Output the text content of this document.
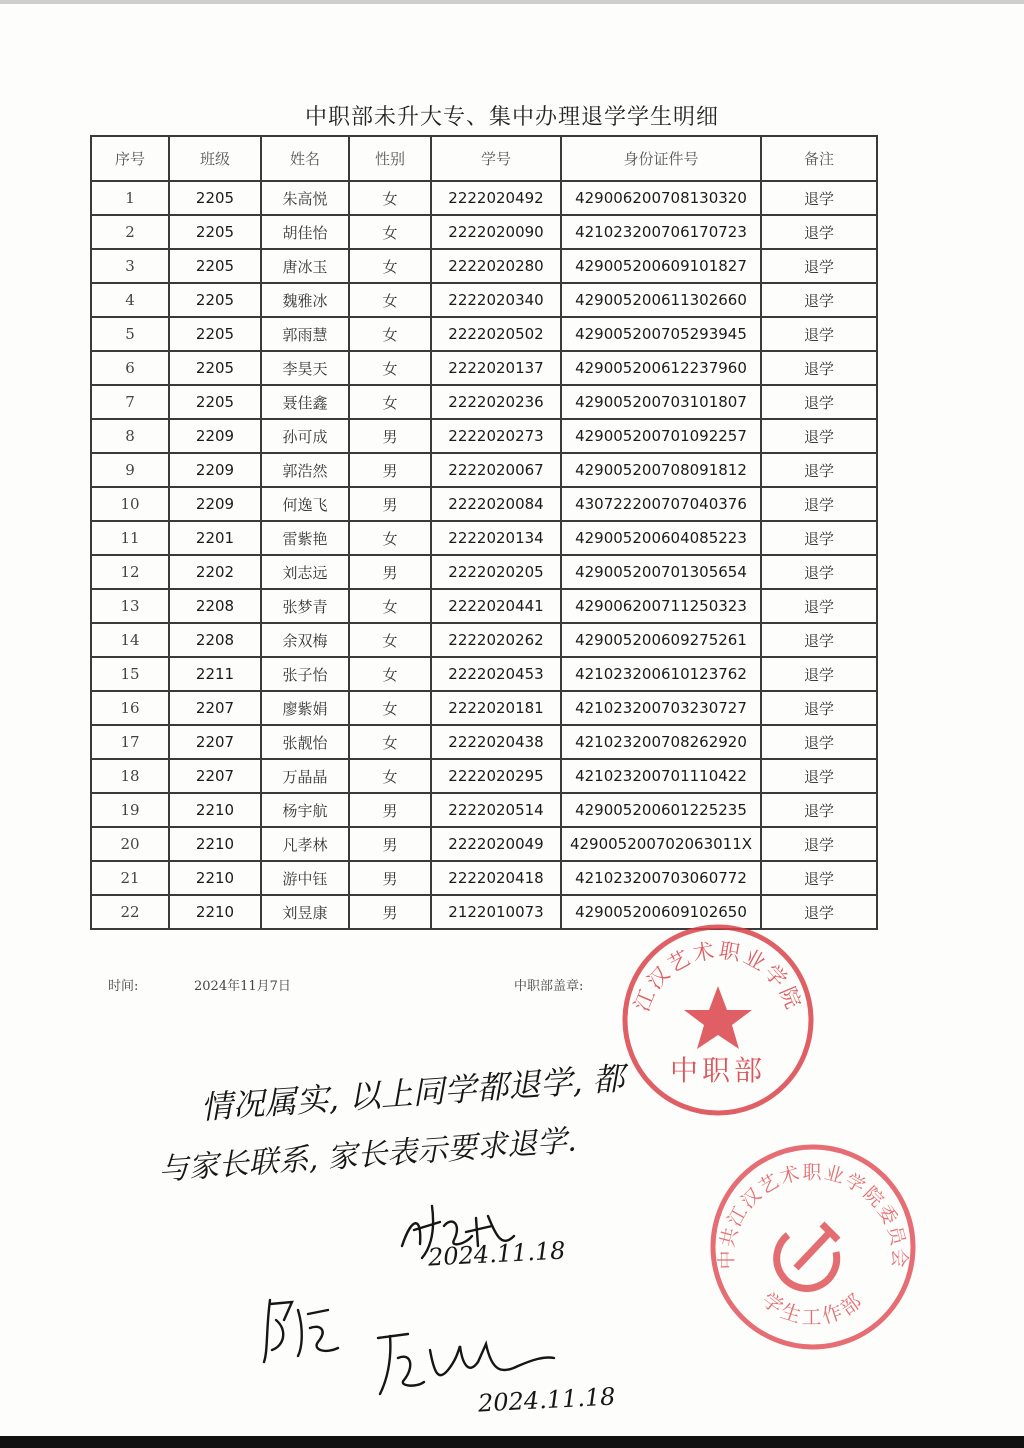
中职部未升大专、集中办理退学学生明细
序号	班级	姓名	性别	学号	身份证件号	备注
1	2205	朱高悦	女	2222020492	429006200708130320	退学
2	2205	胡佳怡	女	2222020090	421023200706170723	退学
3	2205	唐冰玉	女	2222020280	429005200609101827	退学
4	2205	魏雅冰	女	2222020340	429005200611302660	退学
5	2205	郭雨慧	女	2222020502	429005200705293945	退学
6	2205	李昊天	女	2222020137	429005200612237960	退学
7	2205	聂佳鑫	女	2222020236	429005200703101807	退学
8	2209	孙可成	男	2222020273	429005200701092257	退学
9	2209	郭浩然	男	2222020067	429005200708091812	退学
10	2209	何逸飞	男	2222020084	430722200707040376	退学
11	2201	雷紫艳	女	2222020134	429005200604085223	退学
12	2202	刘志远	男	2222020205	429005200701305654	退学
13	2208	张梦青	女	2222020441	429006200711250323	退学
14	2208	余双梅	女	2222020262	429005200609275261	退学
15	2211	张子怡	女	2222020453	421023200610123762	退学
16	2207	廖紫娟	女	2222020181	421023200703230727	退学
17	2207	张靓怡	女	2222020438	421023200708262920	退学
18	2207	万晶晶	女	2222020295	421023200701110422	退学
19	2210	杨宇航	男	2222020514	429005200601225235	退学
20	2210	凡孝林	男	2222020049	429005200702063011X	退学
21	2210	游中钰	男	2222020418	421023200703060772	退学
22	2210	刘昱康	男	2122010073	429005200609102650	退学
时间:	2024年11月7日	中职部盖章: 江汉艺术职业学院
中职部
中共江汉艺术职业学院委员会
学生工作部
情况属实, 以上同学都退学, 都
与家长联系, 家长表示要求退学.
2024.11.18
2024.11.18
